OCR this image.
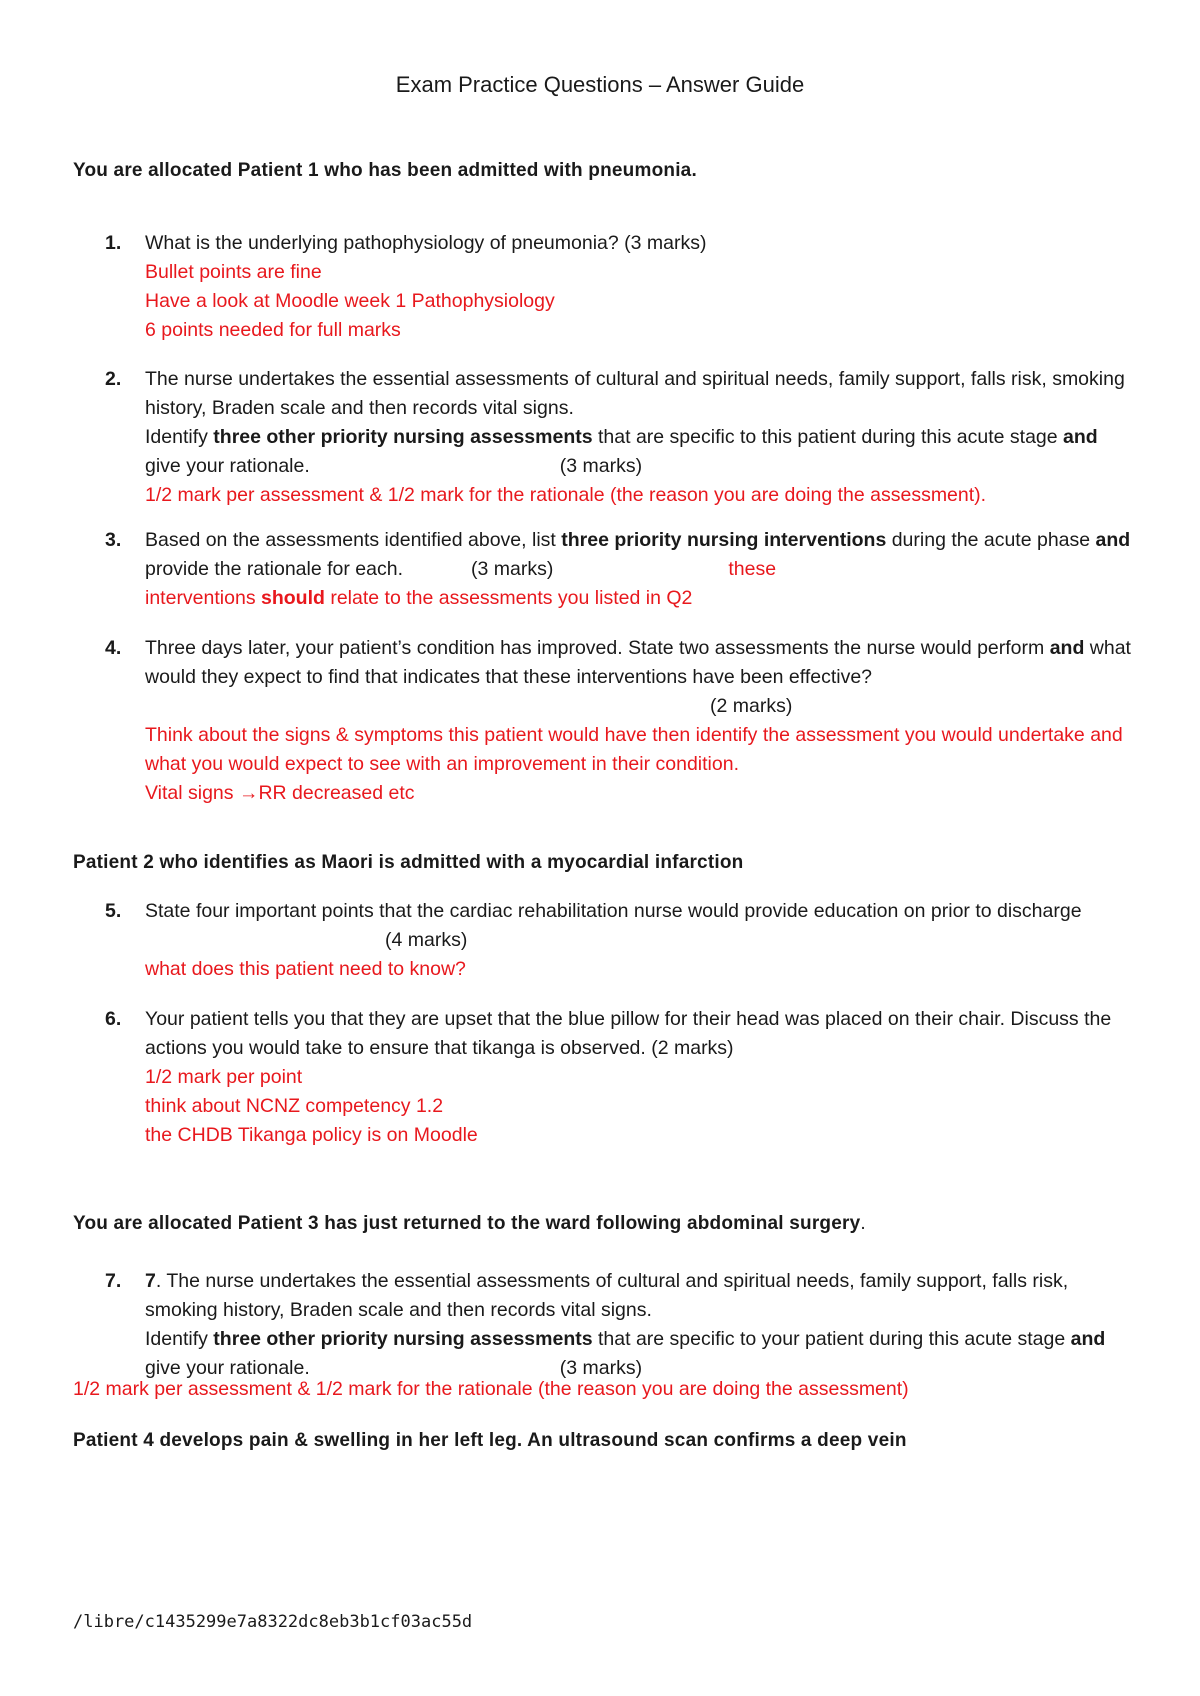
Exam Practice Questions – Answer Guide
You are allocated Patient 1 who has been admitted with pneumonia.
1. What is the underlying pathophysiology of pneumonia? (3 marks)
Bullet points are fine
Have a look at Moodle week 1 Pathophysiology
6 points needed for full marks
2. The nurse undertakes the essential assessments of cultural and spiritual needs, family support, falls risk, smoking history, Braden scale and then records vital signs.
Identify three other priority nursing assessments that are specific to this patient during this acute stage and give your rationale.	(3 marks)
1/2 mark per assessment & 1/2 mark for the rationale (the reason you are doing the assessment).
3. Based on the assessments identified above, list three priority nursing interventions during the acute phase and provide the rationale for each.	(3 marks)	these
interventions should relate to the assessments you listed in Q2
4. Three days later, your patient’s condition has improved. State two assessments the nurse would perform and what would they expect to find that indicates that these interventions have been effective?(2 marks)
Think about the signs & symptoms this patient would have then identify the assessment you would undertake and what you would expect to see with an improvement in their condition.
Vital signs →RR decreased etc
Patient 2 who identifies as Maori is admitted with a myocardial infarction
5. State four important points that the cardiac rehabilitation nurse would provide education on prior to discharge(4 marks)
what does this patient need to know?
6. Your patient tells you that they are upset that the blue pillow for their head was placed on their chair. Discuss the actions you would take to ensure that tikanga is observed. (2 marks)
1/2 mark per point
think about NCNZ competency 1.2
the CHDB Tikanga policy is on Moodle
You are allocated Patient 3 has just returned to the ward following abdominal surgery.
7. 7. The nurse undertakes the essential assessments of cultural and spiritual needs, family support, falls risk, smoking history, Braden scale and then records vital signs.
Identify three other priority nursing assessments that are specific to your patient during this acute stage and give your rationale.	(3 marks)
1/2 mark per assessment & 1/2 mark for the rationale (the reason you are doing the assessment)
Patient 4 develops pain & swelling in her left leg. An ultrasound scan confirms a deep vein
/libre/c1435299e7a8322dc8eb3b1cf03ac55d
